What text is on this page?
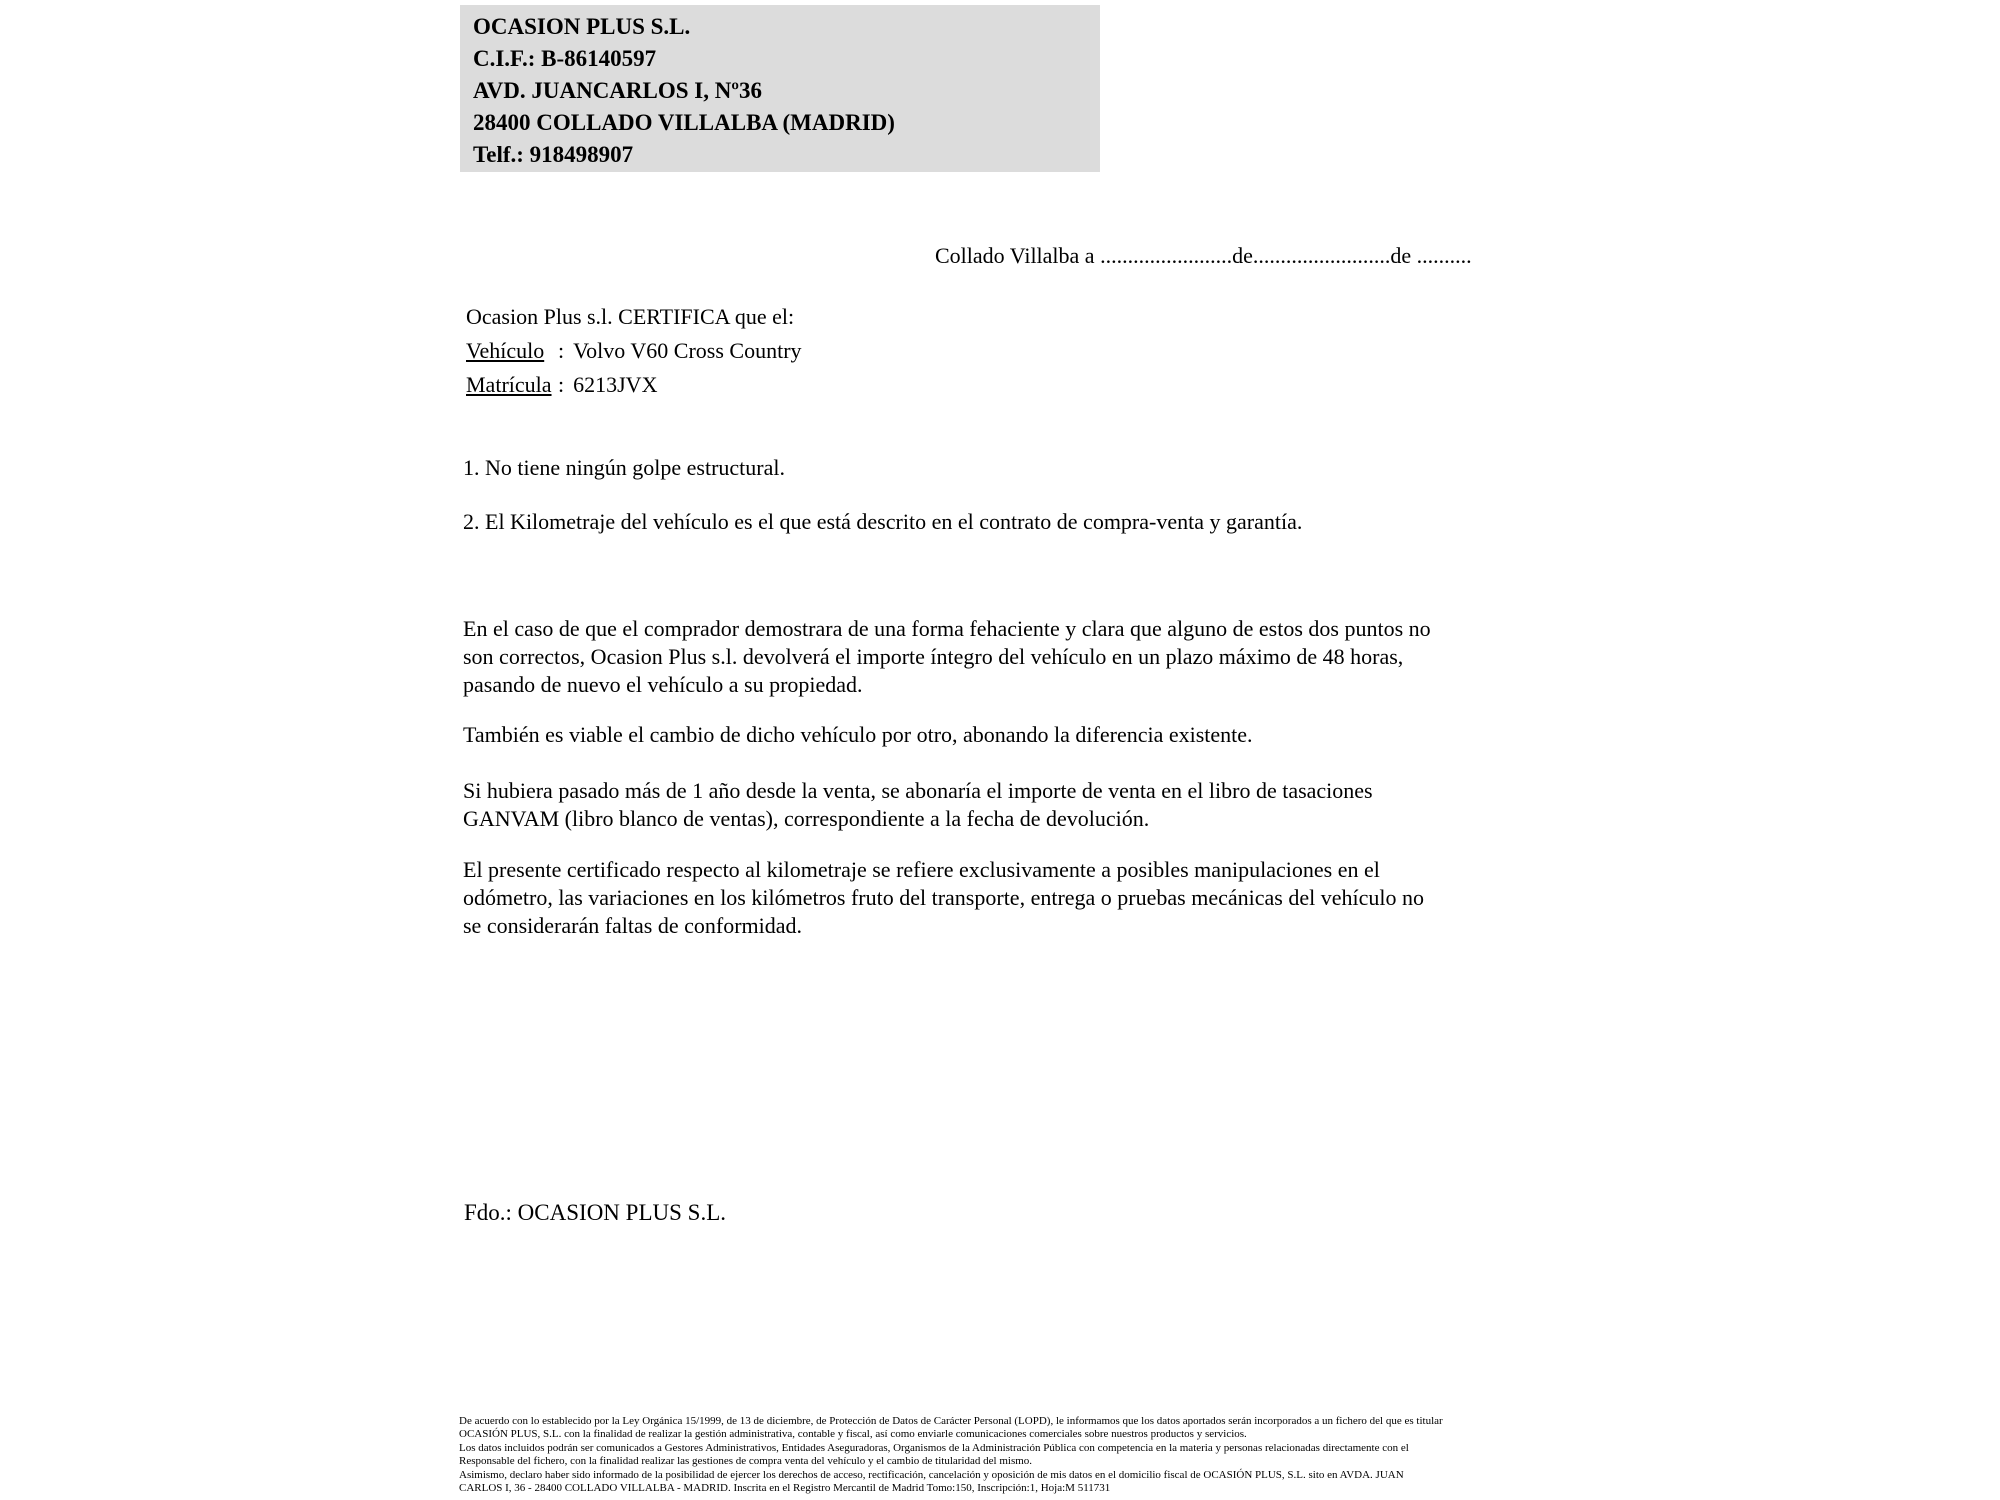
OCASION PLUS S.L.
C.I.F.: B-86140597
AVD. JUANCARLOS I, Nº36
28400 COLLADO VILLALBA (MADRID)
Telf.: 918498907
Collado Villalba a ........................de.........................de ..........
Ocasion Plus s.l. CERTIFICA que el:
Vehículo : Volvo V60 Cross Country
Matrícula : 6213JVX
1. No tiene ningún golpe estructural.
2. El Kilometraje del vehículo es el que está descrito en el contrato de compra-venta y garantía.
En el caso de que el comprador demostrara de una forma fehaciente y clara que alguno de estos dos puntos no
son correctos, Ocasion Plus s.l. devolverá el importe íntegro del vehículo en un plazo máximo de 48 horas,
pasando de nuevo el vehículo a su propiedad.
También es viable el cambio de dicho vehículo por otro, abonando la diferencia existente.
Si hubiera pasado más de 1 año desde la venta, se abonaría el importe de venta en el libro de tasaciones
GANVAM (libro blanco de ventas), correspondiente a la fecha de devolución.
El presente certificado respecto al kilometraje se refiere exclusivamente a posibles manipulaciones en el
odómetro, las variaciones en los kilómetros fruto del transporte, entrega o pruebas mecánicas del vehículo no
se considerarán faltas de conformidad.
Fdo.: OCASION PLUS S.L.
De acuerdo con lo establecido por la Ley Orgánica 15/1999, de 13 de diciembre, de Protección de Datos de Carácter Personal (LOPD), le informamos que los datos aportados serán incorporados a un fichero del que es titular
OCASIÓN PLUS, S.L. con la finalidad de realizar la gestión administrativa, contable y fiscal, así como enviarle comunicaciones comerciales sobre nuestros productos y servicios.
Los datos incluidos podrán ser comunicados a Gestores Administrativos, Entidades Aseguradoras, Organismos de la Administración Pública con competencia en la materia y personas relacionadas directamente con el
Responsable del fichero, con la finalidad realizar las gestiones de compra venta del vehículo y el cambio de titularidad del mismo.
Asimismo, declaro haber sido informado de la posibilidad de ejercer los derechos de acceso, rectificación, cancelación y oposición de mis datos en el domicilio fiscal de OCASIÓN PLUS, S.L. sito en AVDA. JUAN
CARLOS I, 36 - 28400 COLLADO VILLALBA - MADRID. Inscrita en el Registro Mercantil de Madrid Tomo:150, Inscripción:1, Hoja:M 511731
